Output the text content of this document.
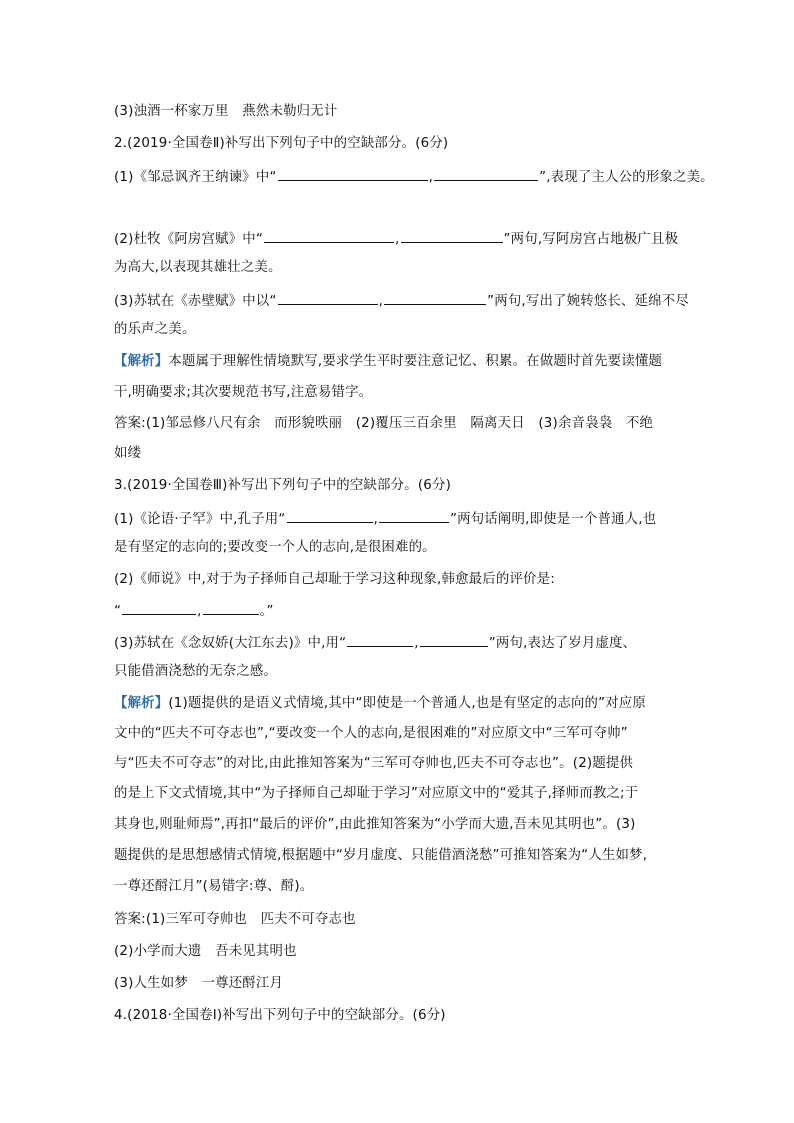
(3)浊酒一杯家万里　燕然未勒归无计
2.(2019·全国卷Ⅱ)补写出下列句子中的空缺部分。(6分)
(1)《邹忌讽齐王纳谏》中“	,	”,表现了主人公的形象之美。
(2)杜牧《阿房宫赋》中“	,	”两句,写阿房宫占地极广且极
为高大,以表现其雄壮之美。
(3)苏轼在《赤壁赋》中以“	,	”两句,写出了婉转悠长、延绵不尽
的乐声之美。
【解析】本题属于理解性情境默写,要求学生平时要注意记忆、积累。在做题时首先要读懂题
干,明确要求;其次要规范书写,注意易错字。
答案:(1)邹忌修八尺有余　而形貌昳丽　(2)覆压三百余里　隔离天日　(3)余音袅袅　不绝
如缕
3.(2019·全国卷Ⅲ)补写出下列句子中的空缺部分。(6分)
(1)《论语·子罕》中,孔子用“	,	”两句话阐明,即使是一个普通人,也
是有坚定的志向的;要改变一个人的志向,是很困难的。
(2)《师说》中,对于为子择师自己却耻于学习这种现象,韩愈最后的评价是:
“	,	。”
(3)苏轼在《念奴娇(大江东去)》中,用“	,	”两句,表达了岁月虚度、
只能借酒浇愁的无奈之感。
【解析】(1)题提供的是语义式情境,其中“即使是一个普通人,也是有坚定的志向的”对应原
文中的“匹夫不可夺志也”,“要改变一个人的志向,是很困难的”对应原文中“三军可夺帅”
与“匹夫不可夺志”的对比,由此推知答案为“三军可夺帅也,匹夫不可夺志也”。(2)题提供
的是上下文式情境,其中“为子择师自己却耻于学习”对应原文中的“爱其子,择师而教之;于
其身也,则耻师焉”,再扣“最后的评价”,由此推知答案为“小学而大遗,吾未见其明也”。(3)
题提供的是思想感情式情境,根据题中“岁月虚度、只能借酒浇愁”可推知答案为“人生如梦,
一尊还酹江月”(易错字:尊、酹)。
答案:(1)三军可夺帅也　匹夫不可夺志也
(2)小学而大遗　吾未见其明也
(3)人生如梦　一尊还酹江月
4.(2018·全国卷Ⅰ)补写出下列句子中的空缺部分。(6分)
